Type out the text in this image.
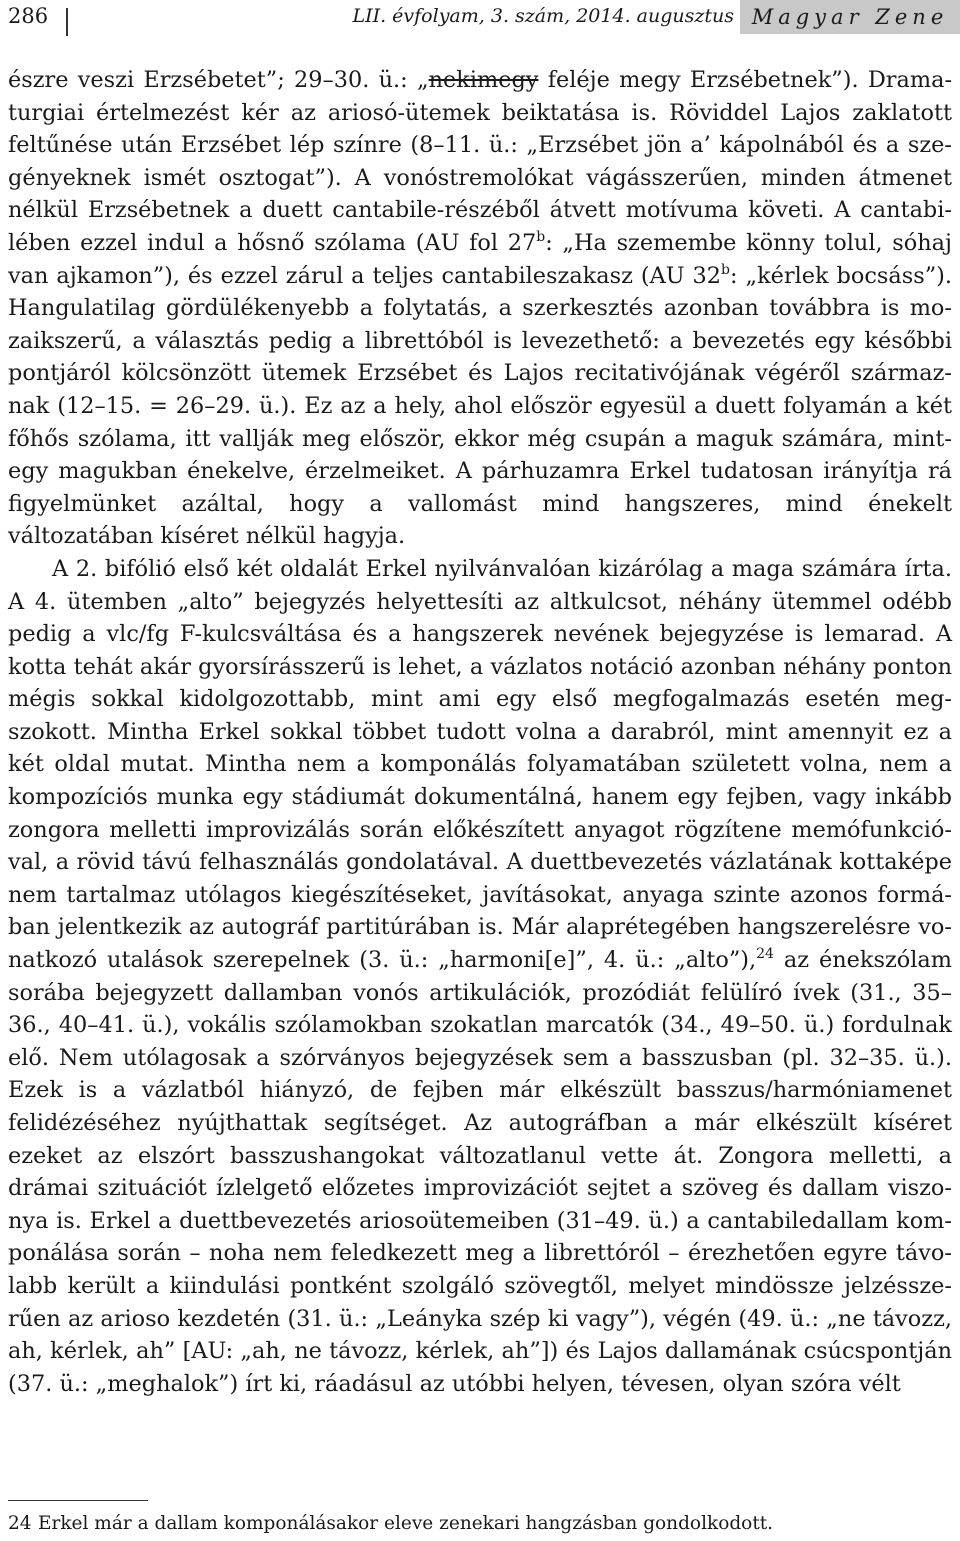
286	LII. évfolyam, 3. szám, 2014. augusztus Magyar Zene

észre veszi Erzsébetet”; 29–30. ü.: „nekimegy feléje megy Erzsébetnek”). Dramaturgiai értelmezést kér az ariosó-ütemek beiktatása is. Röviddel Lajos zaklatott feltűnése után Erzsébet lép színre (8–11. ü.: „Erzsébet jön a’ kápolnából és a szegényeknek ismét osztogat”). A vonóstremolókat vágásszerűen, minden átmenet nélkül Erzsébetnek a duett cantabile-részéből átvett motívuma követi. A cantabilében ezzel indul a hősnő szólama (AU fol 27$^b$: „Ha szemembe könny tolul, sóhaj van ajkamon”), és ezzel zárul a teljes cantabileszakasz (AU 32$^b$: „kérlek bocsáss”). Hangulatilag gördülékenyebb a folytatás, a szerkesztés azonban továbbra is mozaikszerű, a választás pedig a librettóból is levezethető: a bevezetés egy későbbi pontjáról kölcsönzött ütemek Erzsébet és Lajos recitativójának végéről származnak (12–15. = 26–29. ü.). Ez az a hely, ahol először egyesül a duett folyamán a két főhős szólama, itt vallják meg először, ekkor még csupán a maguk számára, mintegy magukban énekelve, érzelmeiket. A párhuzamra Erkel tudatosan irányítja rá figyelmünket azáltal, hogy a vallomást mind hangszeres, mind énekelt változatában kíséret nélkül hagyja.

A 2. bifólió első két oldalát Erkel nyilvánvalóan kizárólag a maga számára írta. A 4. ütemben „alto” bejegyzés helyettesíti az altkulcsot, néhány ütemmel odébb pedig a vlc/fg F-kulcsváltása és a hangszerek nevének bejegyzése is lemarad. A kotta tehát akár gyorsírásszerű is lehet, a vázlatos notáció azonban néhány ponton mégis sokkal kidolgozottabb, mint ami egy első megfogalmazás esetén megszokott. Mintha Erkel sokkal többet tudott volna a darabról, mint amennyit ez a két oldal mutat. Mintha nem a komponálás folyamatában született volna, nem a kompozíciós munka egy stádiumát dokumentálná, hanem egy fejben, vagy inkább zongora melletti improvizálás során előkészített anyagot rögzítene memófunkcióval, a rövid távú felhasználás gondolatával. A duettbevezetés vázlatának kottaképe nem tartalmaz utólagos kiegészítéseket, javításokat, anyaga szinte azonos formában jelentkezik az autográf partitúrában is. Már alaprétegében hangszerelésre vonatkozó utalások szerepelnek (3. ü.: „harmoni[e]”, 4. ü.: „alto”),$^{24}$ az énekszólam sorába bejegyzett dallamban vonós artikulációk, prozódiát felülíró ívek (31., 35–36., 40–41. ü.), vokális szólamokban szokatlan marcatók (34., 49–50. ü.) fordulnak elő. Nem utólagosak a szórványos bejegyzések sem a basszusban (pl. 32–35. ü.). Ezek is a vázlatból hiányzó, de fejben már elkészült basszus/harmóniamenet felidézéséhez nyújthattak segítséget. Az autográfban a már elkészült kíséret ezeket az elszórt basszushangokat változatlanul vette át. Zongora melletti, a drámai szituációt ízlelgető előzetes improvizációt sejtet a szöveg és dallam viszonya is. Erkel a duettbevezetés ariosoütemeiben (31–49. ü.) a cantabiledallam komponálása során – noha nem feledkezett meg a librettóról – érezhetően egyre távolabb került a kiindulási pontként szolgáló szövegtől, melyet mindössze jelzésszerűen az arioso kezdetén (31. ü.: „Leányka szép ki vagy”), végén (49. ü.: „ne távozz, ah, kérlek, ah” [AU: „ah, ne távozz, kérlek, ah”]) és Lajos dallamának csúcspontján (37. ü.: „meghalok”) írt ki, ráadásul az utóbbi helyen, tévesen, olyan szóra vélt

24 Erkel már a dallam komponálásakor eleve zenekari hangzásban gondolkodott.
